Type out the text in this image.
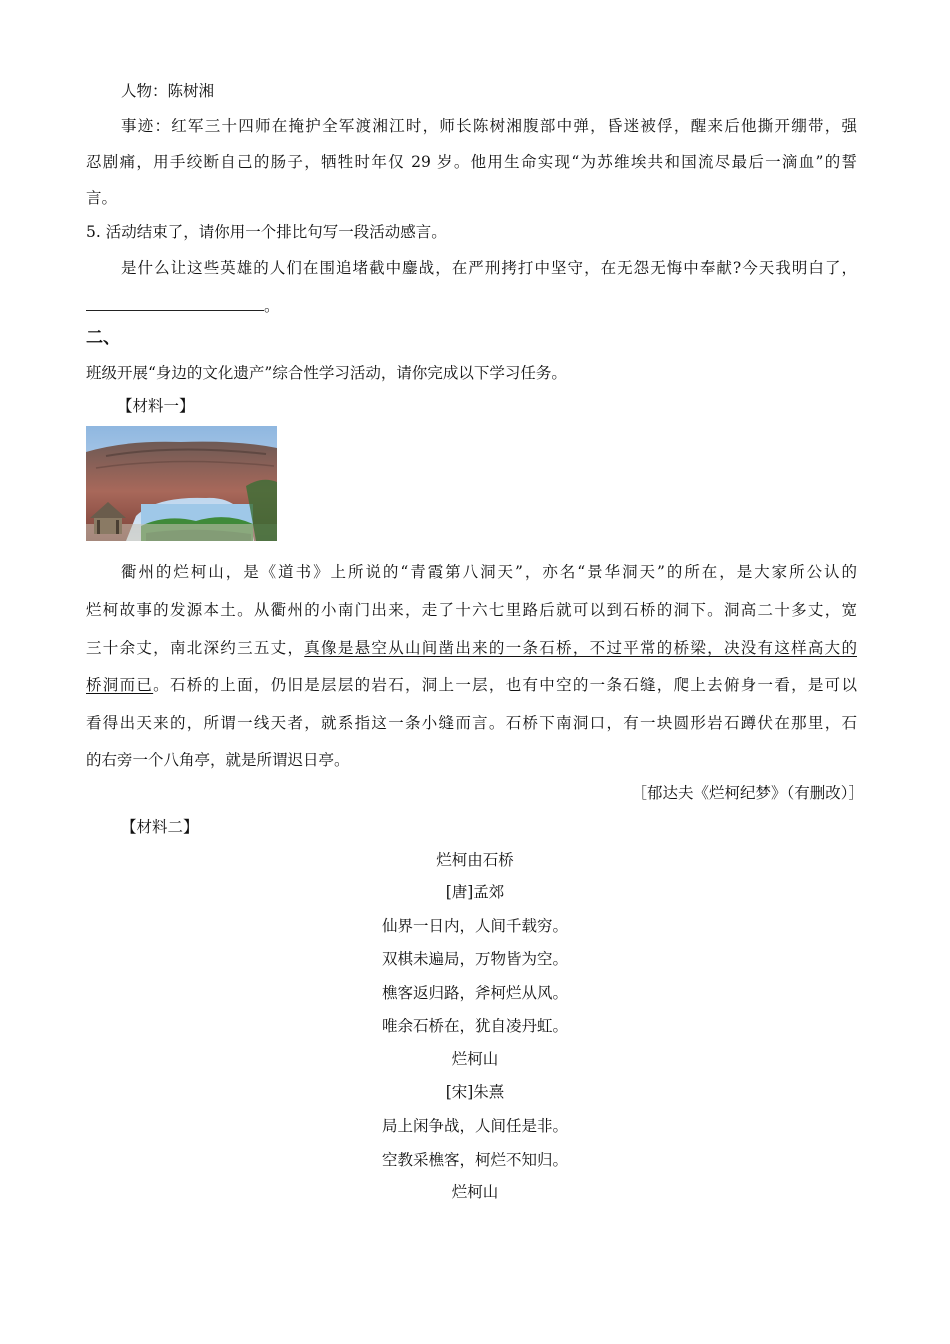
人物：陈树湘
事迹：红军三十四师在掩护全军渡湘江时，师长陈树湘腹部中弹，昏迷被俘，醒来后他撕开绷带，强
忍剧痛，用手绞断自己的肠子，牺牲时年仅 29 岁。他用生命实现“为苏维埃共和国流尽最后一滴血”的誓
言。
5. 活动结束了，请你用一个排比句写一段活动感言。
是什么让这些英雄的人们在围追堵截中鏖战，在严刑拷打中坚守，在无怨无悔中奉献?今天我明白了，
。
二、
班级开展“身边的文化遗产”综合性学习活动，请你完成以下学习任务。
【材料一】
衢州的烂柯山，是《道书》上所说的“青霞第八洞天”，亦名“景华洞天”的所在，是大家所公认的
烂柯故事的发源本土。从衢州的小南门出来，走了十六七里路后就可以到石桥的洞下。洞高二十多丈，宽
三十余丈，南北深约三五丈，真像是悬空从山间凿出来的一条石桥，不过平常的桥梁，决没有这样高大的
桥洞而已。石桥的上面，仍旧是层层的岩石，洞上一层，也有中空的一条石缝，爬上去俯身一看，是可以
看得出天来的，所谓一线天者，就系指这一条小缝而言。石桥下南洞口，有一块圆形岩石蹲伏在那里，石
的右旁一个八角亭，就是所谓迟日亭。
［郁达夫《烂柯纪梦》（有删改）］
【材料二】
烂柯由石桥
[唐]孟郊
仙界一日内，人间千载穷。
双棋未遍局，万物皆为空。
樵客返归路，斧柯烂从风。
唯余石桥在，犹自凌丹虹。
烂柯山
[宋]朱熹
局上闲争战，人间任是非。
空教采樵客，柯烂不知归。
烂柯山
